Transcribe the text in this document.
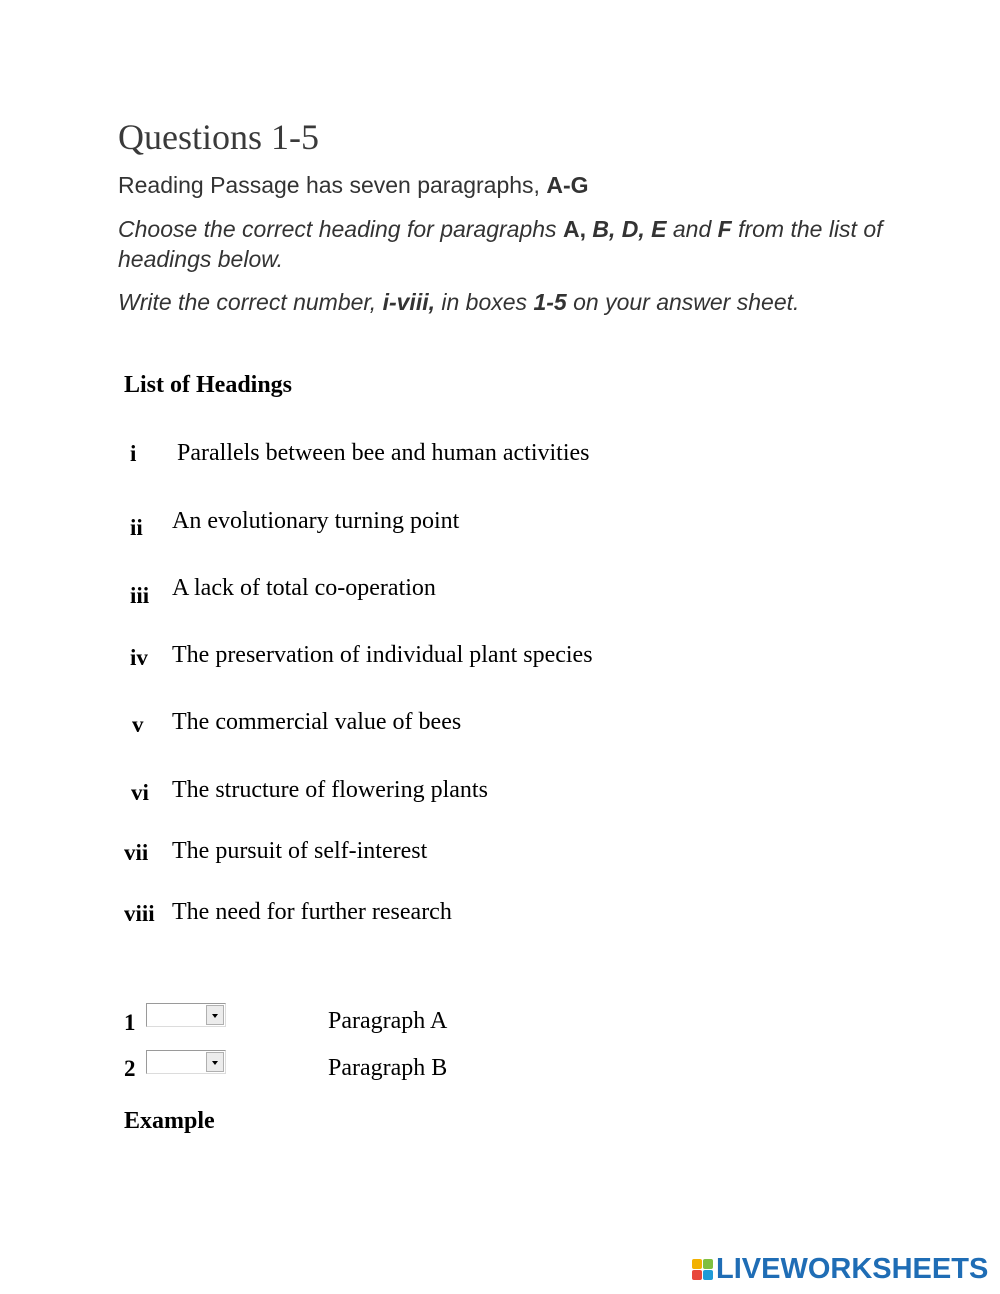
Questions 1-5
Reading Passage has seven paragraphs, A-G
Choose the correct heading for paragraphs A, B, D, E and F from the list of headings below.
Write the correct number, i-viii, in boxes 1-5 on your answer sheet.
List of Headings
i Parallels between bee and human activities
ii An evolutionary turning point
iii A lack of total co-operation
iv The preservation of individual plant species
v The commercial value of bees
vi The structure of flowering plants
vii The pursuit of self-interest
viii The need for further research
1	Paragraph A
2	Paragraph B
Example
LIVEWORKSHEETS
